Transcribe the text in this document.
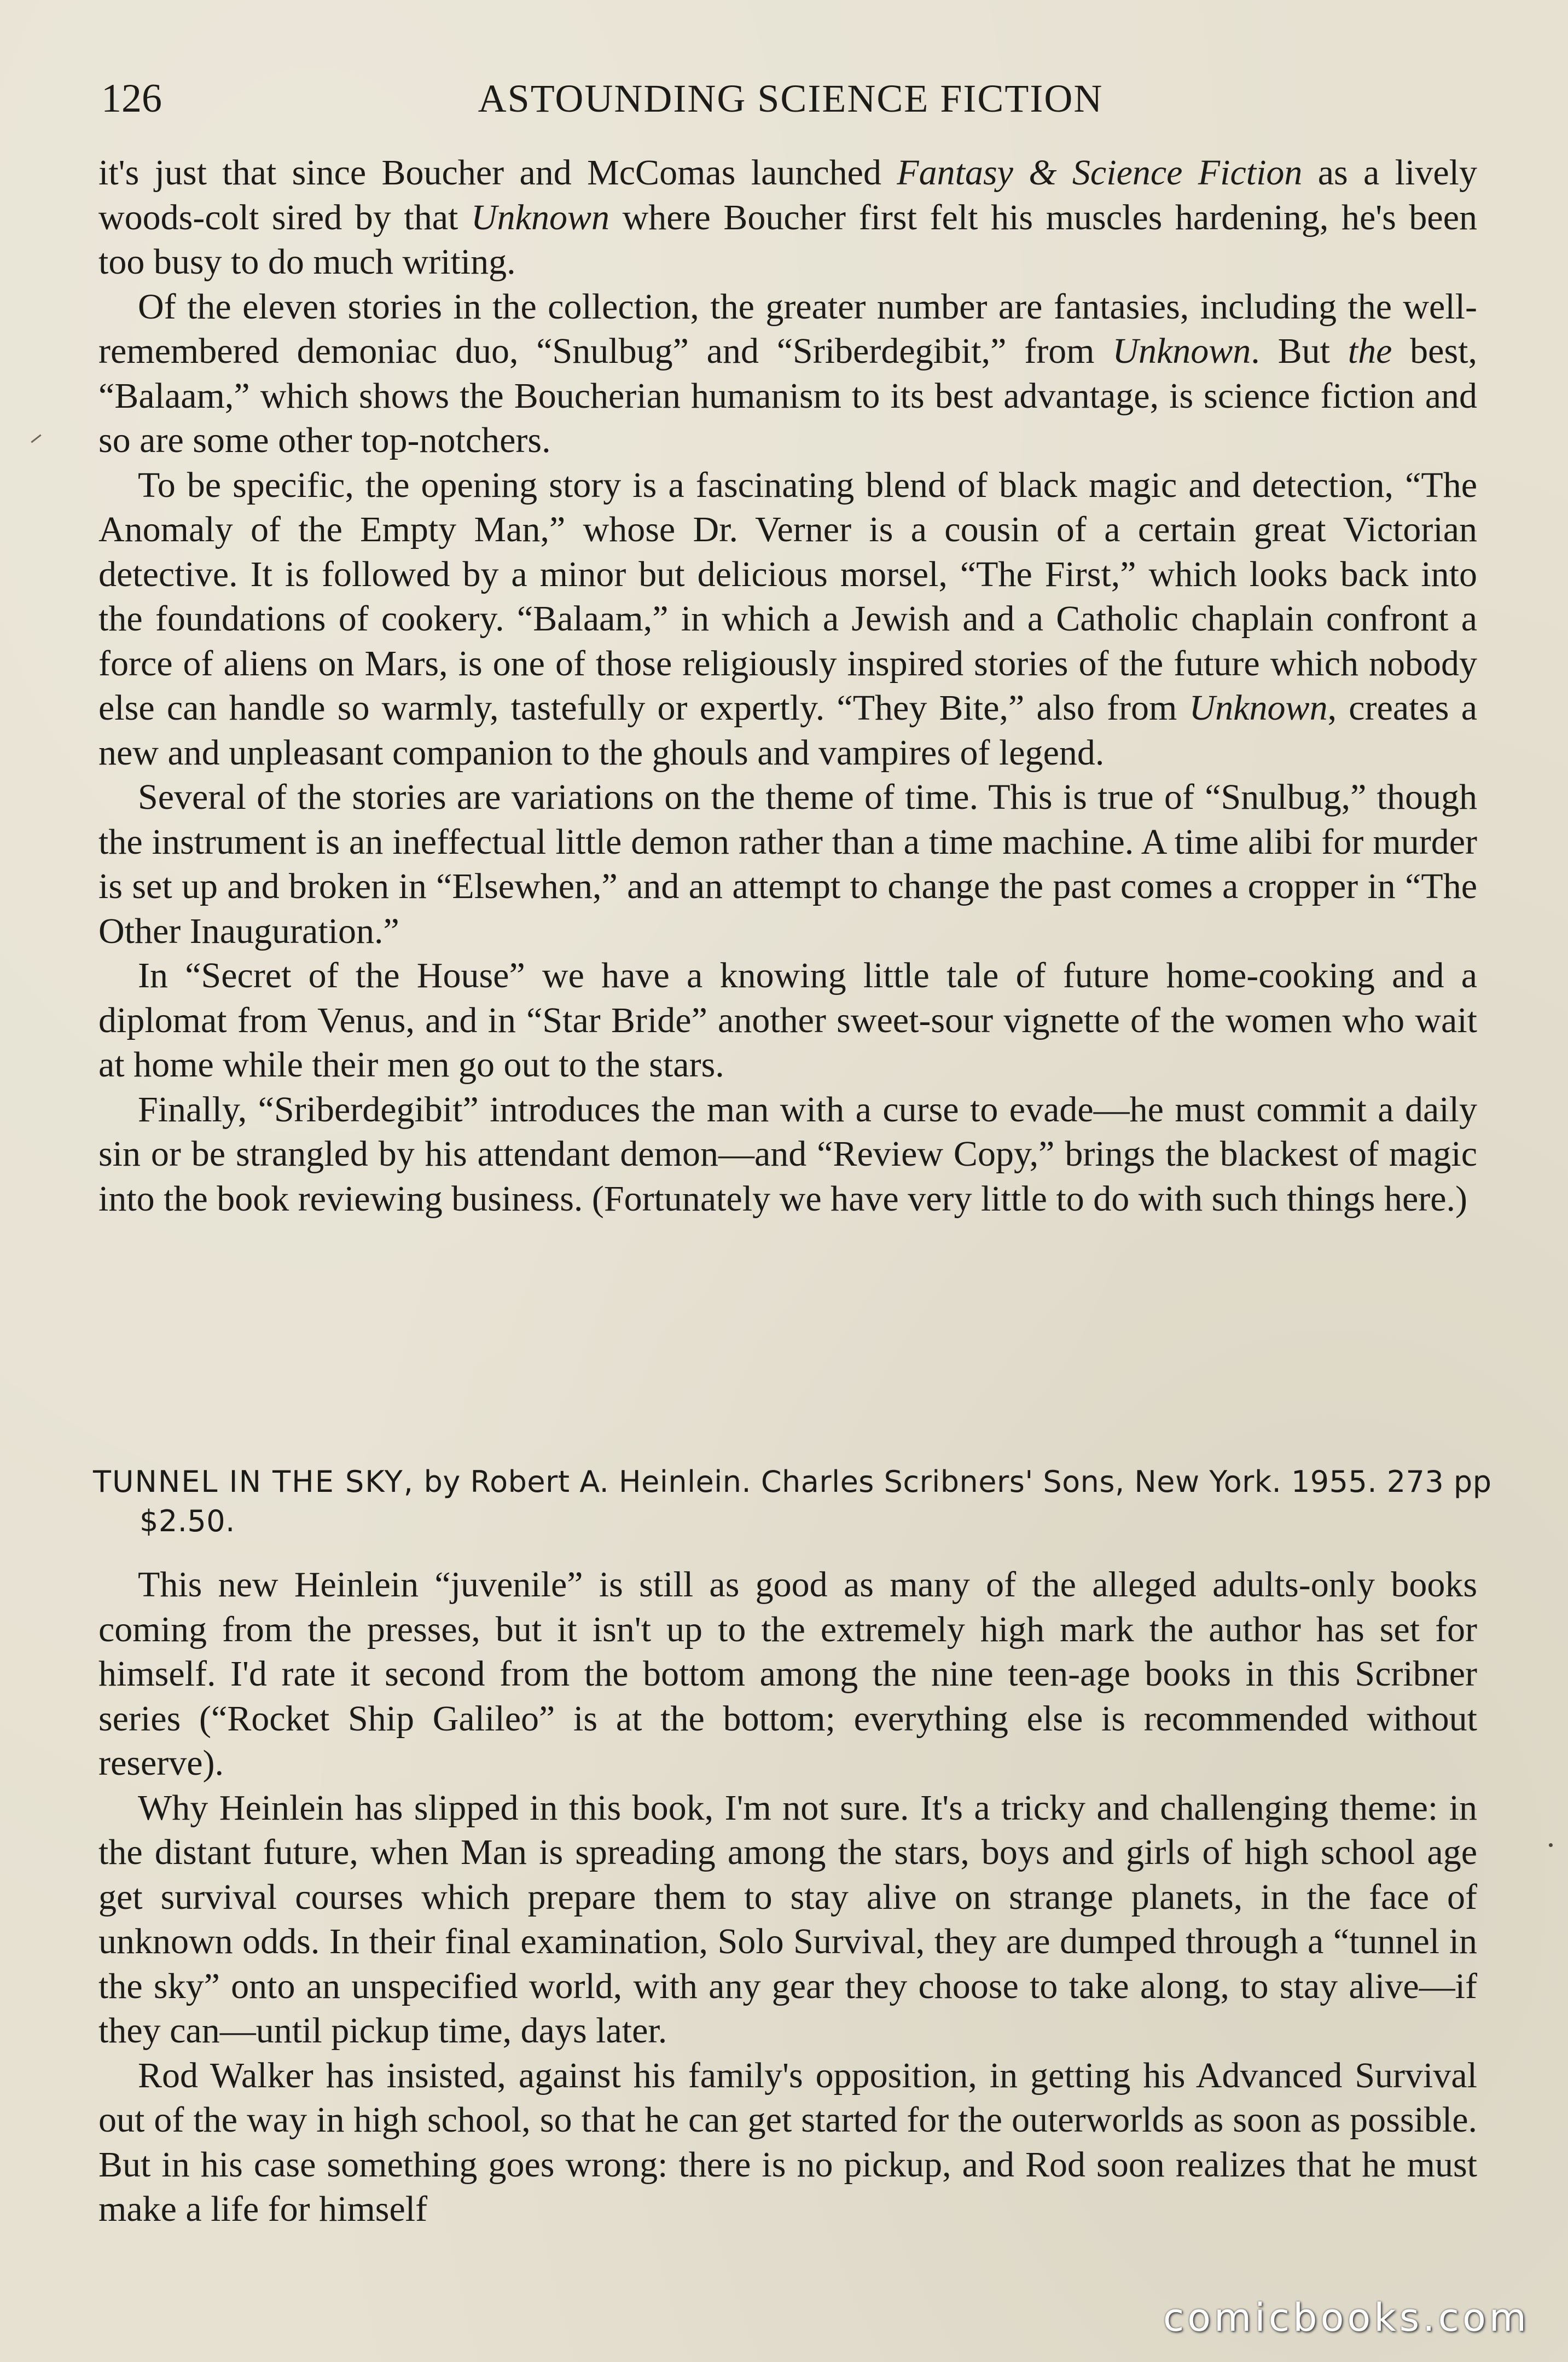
126	ASTOUNDING SCIENCE FICTION

it's just that since Boucher and McComas launched Fantasy & Science Fiction as a lively woods-colt sired by that Unknown where Boucher first felt his muscles hardening, he's been too busy to do much writing.

Of the eleven stories in the collection, the greater number are fantasies, including the well-remembered demoniac duo, “Snulbug” and “Sriberdegibit,” from Unknown. But the best, “Balaam,” which shows the Boucherian humanism to its best advantage, is science fiction and so are some other top-notchers.

To be specific, the opening story is a fascinating blend of black magic and detection, “The Anomaly of the Empty Man,” whose Dr. Verner is a cousin of a certain great Victorian detective. It is followed by a minor but delicious morsel, “The First,” which looks back into the foundations of cookery. “Balaam,” in which a Jewish and a Catholic chaplain confront a force of aliens on Mars, is one of those religiously inspired stories of the future which nobody else can handle so warmly, tastefully or expertly. “They Bite,” also from Unknown, creates a new and unpleasant companion to the ghouls and vampires of legend.

Several of the stories are variations on the theme of time. This is true of “Snulbug,” though the instrument is an ineffectual little demon rather than a time machine. A time alibi for murder is set up and broken in “Elsewhen,” and an attempt to change the past comes a cropper in “The Other Inauguration.”

In “Secret of the House” we have a knowing little tale of future home-cooking and a diplomat from Venus, and in “Star Bride” another sweet-sour vignette of the women who wait at home while their men go out to the stars.

Finally, “Sriberdegibit” introduces the man with a curse to evade—he must commit a daily sin or be strangled by his attendant demon—and “Review Copy,” brings the blackest of magic into the book reviewing business. (Fortunately we have very little to do with such things here.)

TUNNEL IN THE SKY, by Robert A. Heinlein. Charles Scribners' Sons, New York. 1955. 273 pp $2.50.

This new Heinlein “juvenile” is still as good as many of the alleged adults-only books coming from the presses, but it isn't up to the extremely high mark the author has set for himself. I'd rate it second from the bottom among the nine teen-age books in this Scribner series (“Rocket Ship Galileo” is at the bottom; everything else is recommended without reserve).

Why Heinlein has slipped in this book, I'm not sure. It's a tricky and challenging theme: in the distant future, when Man is spreading among the stars, boys and girls of high school age get survival courses which prepare them to stay alive on strange planets, in the face of unknown odds. In their final examination, Solo Survival, they are dumped through a “tunnel in the sky” onto an unspecified world, with any gear they choose to take along, to stay alive—if they can—until pickup time, days later.

Rod Walker has insisted, against his family's opposition, in getting his Advanced Survival out of the way in high school, so that he can get started for the outerworlds as soon as possible. But in his case something goes wrong: there is no pickup, and Rod soon realizes that he must make a life for himself

comicbooks.com
